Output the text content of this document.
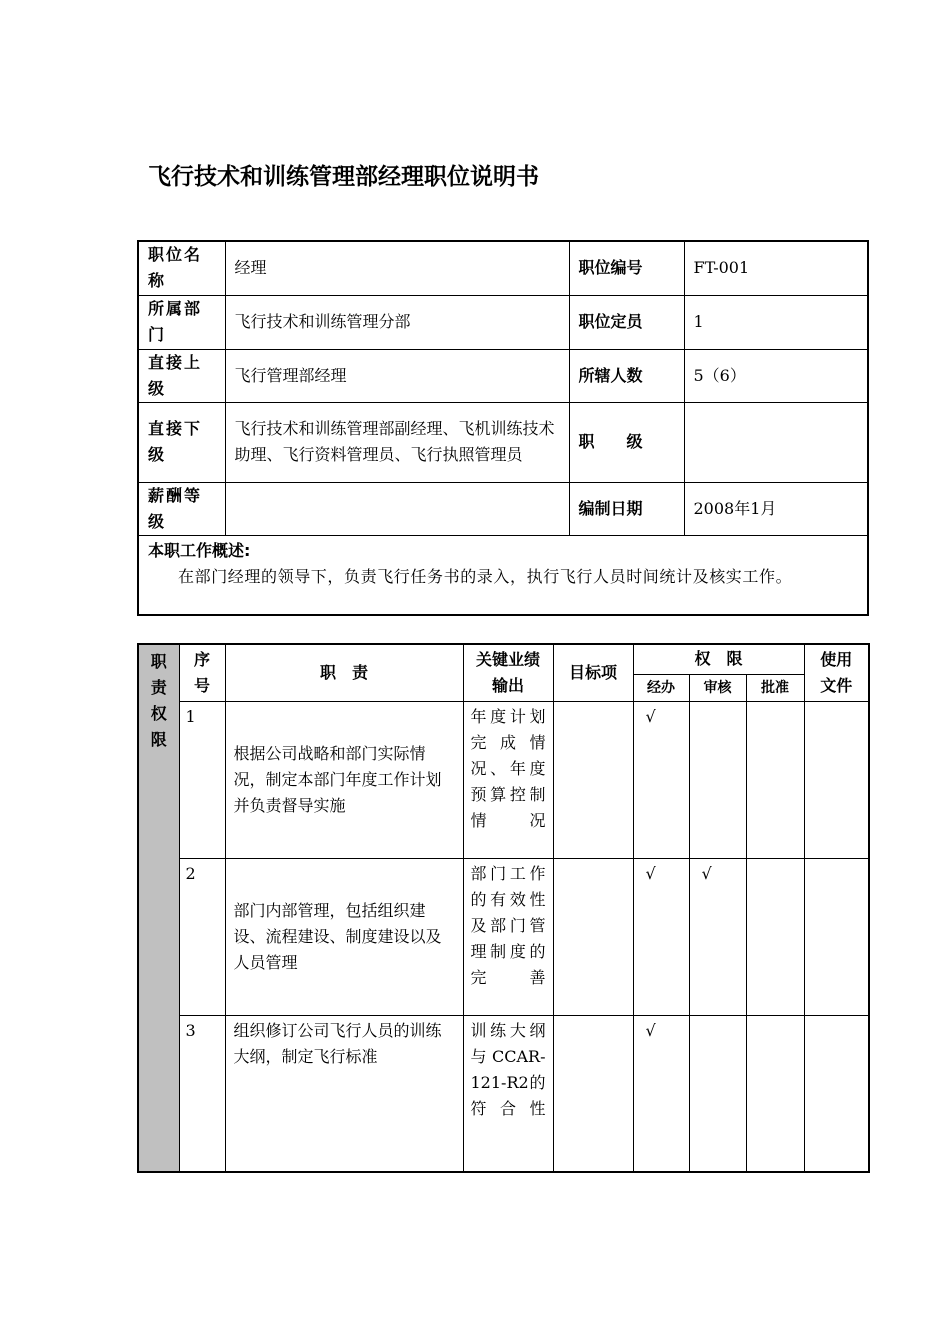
飞行技术和训练管理部经理职位说明书
职位名称	经理	职位编号	FT-001
所属部门	飞行技术和训练管理分部	职位定员	1
直接上级	飞行管理部经理	所辖人数	5（6）
直接下级	飞行技术和训练管理部副经理、飞机训练技术助理、飞行资料管理员、飞行执照管理员	职　　级	
薪酬等级		编制日期	2008年1月

本职工作概述:
在部门经理的领导下，负责飞行任务书的录入，执行飞行人员时间统计及核实工作。			
职责权限	序号	职　责	关键业绩输出	目标项	权　限			使用文件
					经办	审核	批准	
	1	根据公司战略和部门实际情况，制定本部门年度工作计划并负责督导实施	年度计划完成情况、年度预算控制情况		√			
	2	部门内部管理，包括组织建设、流程建设、制度建设以及人员管理	部门工作的有效性及部门管理制度的完善		√	√		
	3	组织修订公司飞行人员的训练大纲，制定飞行标准	训练大纲与CCAR-121-R2的符合性		√			
